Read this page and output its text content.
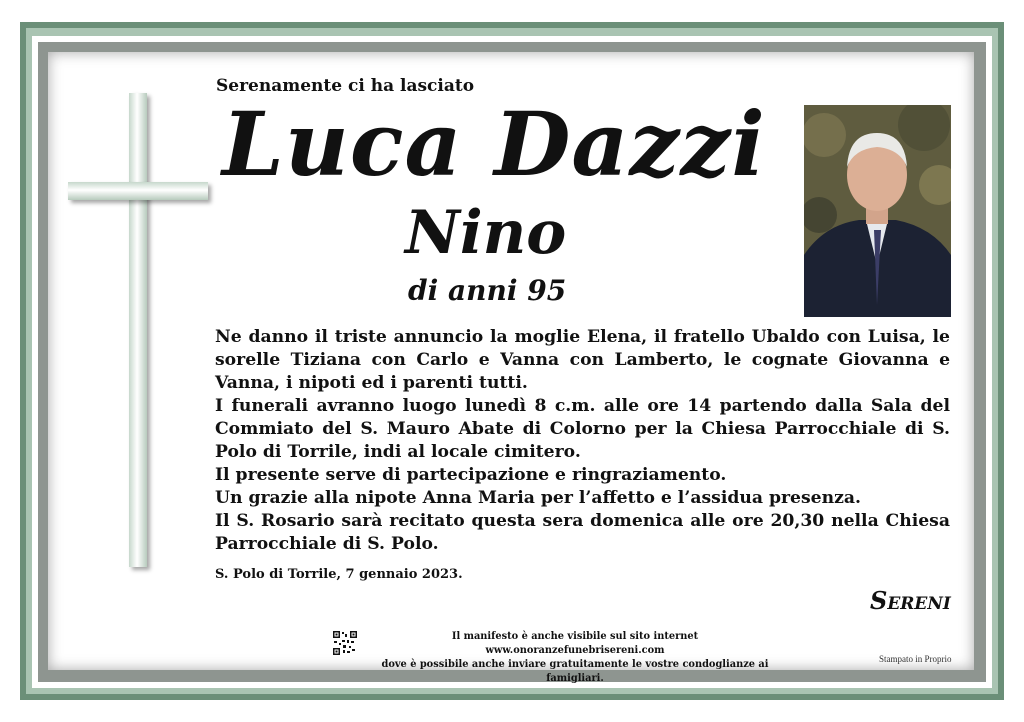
Serenamente ci ha lasciato
Luca Dazzi
Nino
di anni 95

Ne danno il triste annuncio la moglie Elena, il fratello Ubaldo con Luisa, le sorelle Tiziana con Carlo e Vanna con Lamberto, le cognate Giovanna e Vanna, i nipoti ed i parenti tutti.

I funerali avranno luogo lunedì 8 c.m. alle ore 14 partendo dalla Sala del Commiato del S. Mauro Abate di Colorno per la Chiesa Parrocchiale di S. Polo di Torrile, indi al locale cimitero.

Il presente serve di partecipazione e ringraziamento.

Un grazie alla nipote Anna Maria per l’affetto e l’assidua presenza.

Il S. Rosario sarà recitato questa sera domenica alle ore 20,30 nella Chiesa Parrocchiale di S. Polo.

S. Polo di Torrile, 7 gennaio 2023.
Sereni
Il manifesto è anche visibile sul sito internet www.onoranzefunebrisereni.com
dove è possibile anche inviare gratuitamente le vostre condoglianze ai famigliari.
Stampato in Proprio
